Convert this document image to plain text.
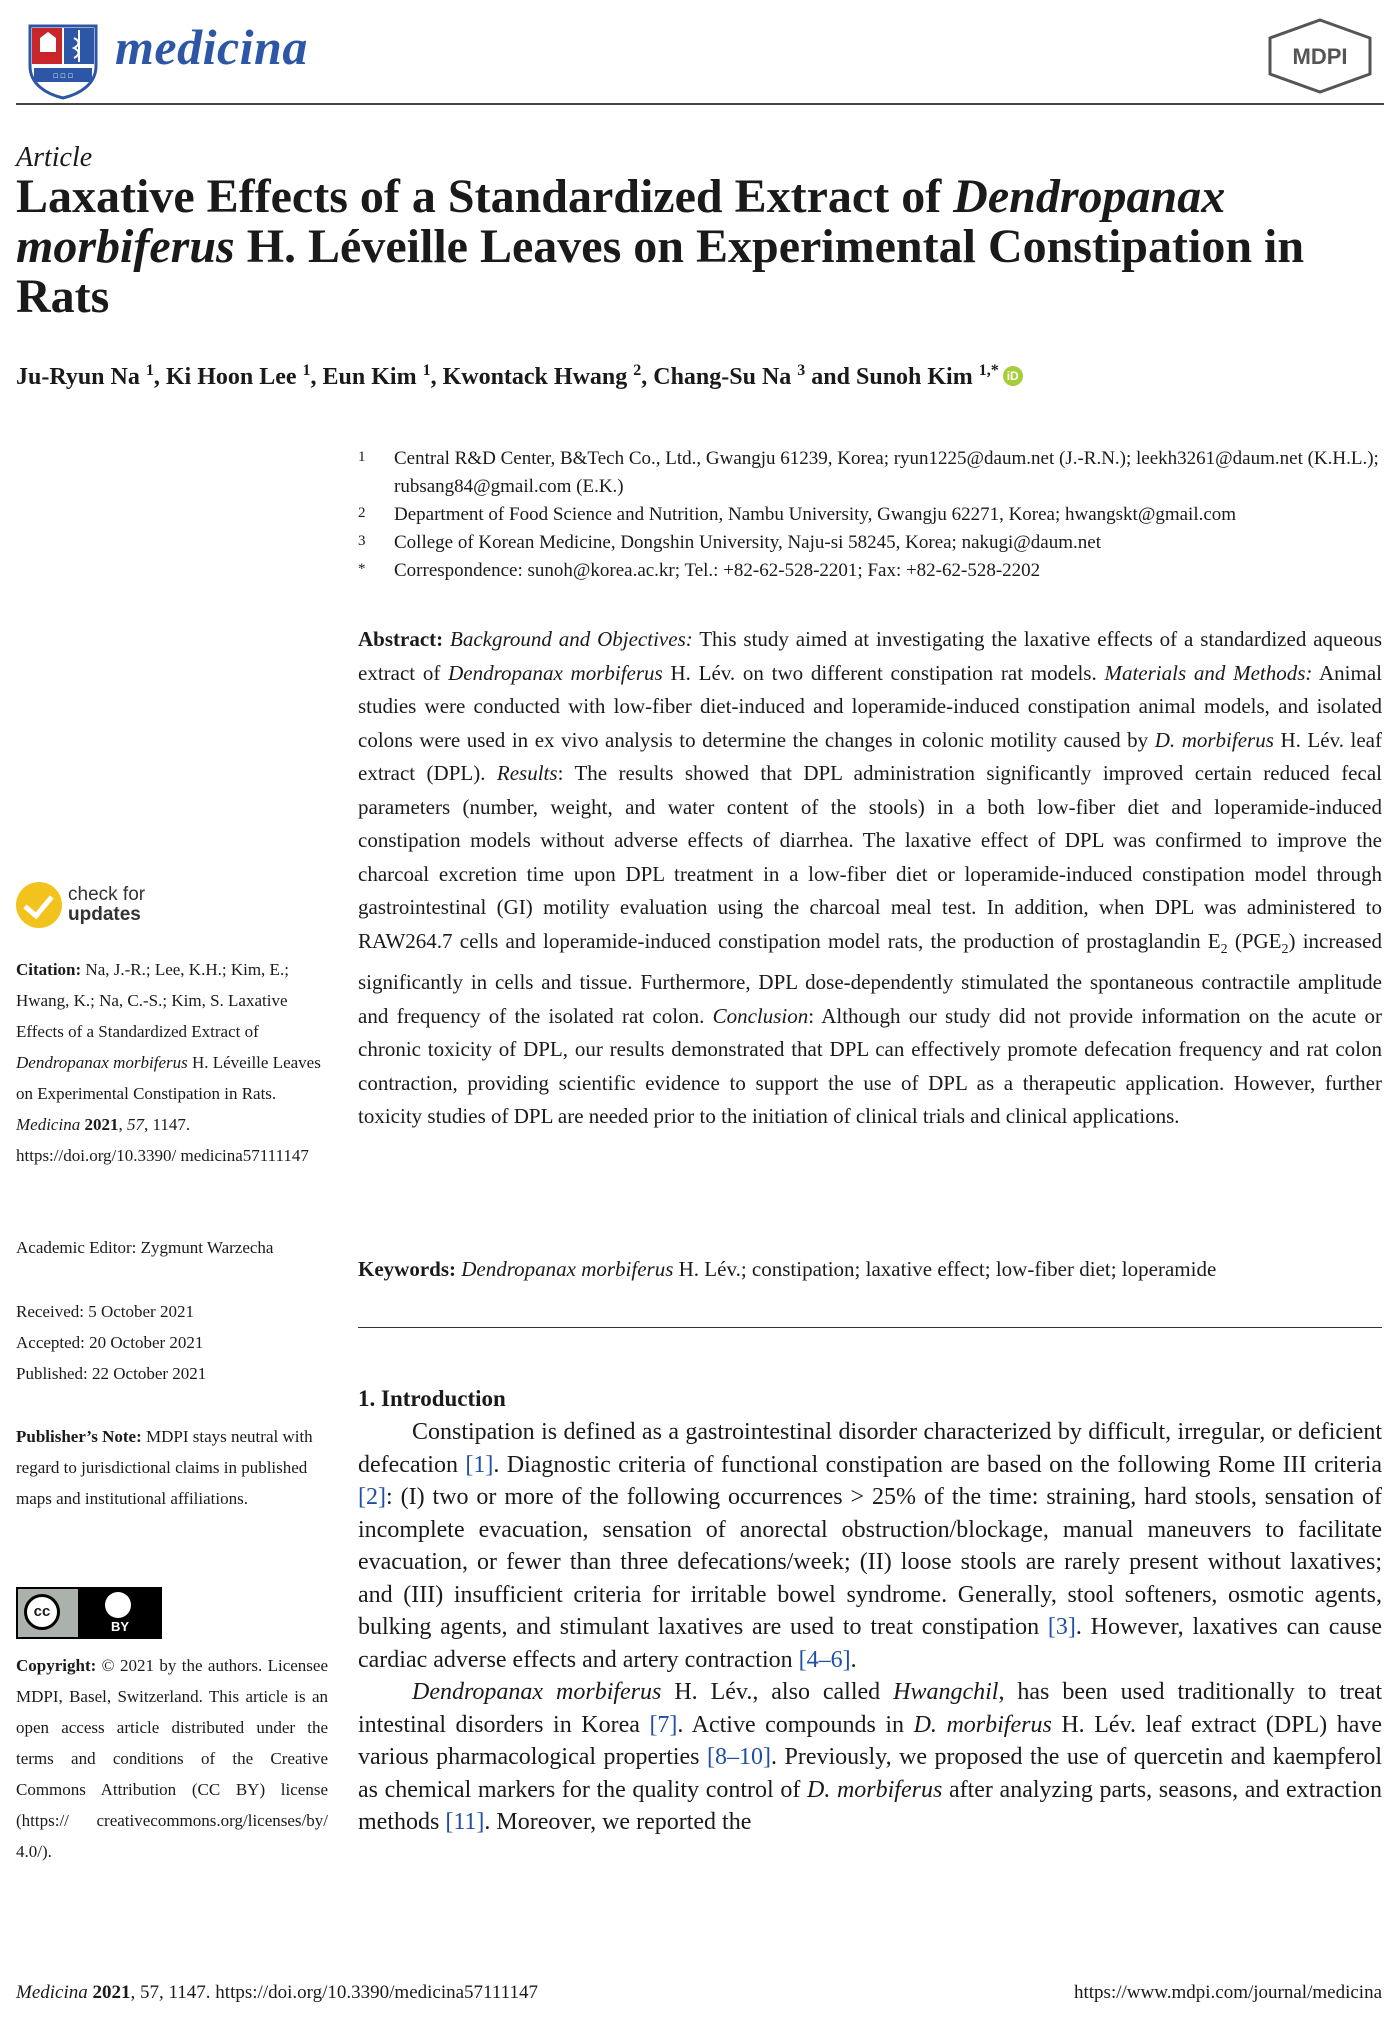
☐ ☐ ☐
medicina	MDPI
Article
Laxative Effects of a Standardized Extract of Dendropanax morbiferus H. Léveille Leaves on Experimental Constipation in Rats
Ju-Ryun Na $^1$, Ki Hoon Lee $^1$, Eun Kim $^1$, Kwontack Hwang $^2$, Chang-Su Na $^3$ and Sunoh Kim $^{1,*}$ iD
1 Central R&D Center, B&Tech Co., Ltd., Gwangju 61239, Korea; ryun1225@daum.net (J.-R.N.); leekh3261@daum.net (K.H.L.); rubsang84@gmail.com (E.K.)
2 Department of Food Science and Nutrition, Nambu University, Gwangju 62271, Korea; hwangskt@gmail.com
3 College of Korean Medicine, Dongshin University, Naju-si 58245, Korea; nakugi@daum.net
* Correspondence: sunoh@korea.ac.kr; Tel.: +82-62-528-2201; Fax: +82-62-528-2202
Abstract: Background and Objectives: This study aimed at investigating the laxative effects of a standardized aqueous extract of Dendropanax morbiferus H. Lév. on two different constipation rat models. Materials and Methods: Animal studies were conducted with low-fiber diet-induced and loperamide-induced constipation animal models, and isolated colons were used in ex vivo analysis to determine the changes in colonic motility caused by D. morbiferus H. Lév. leaf extract (DPL). Results: The results showed that DPL administration significantly improved certain reduced fecal parameters (number, weight, and water content of the stools) in a both low-fiber diet and loperamide-induced constipation models without adverse effects of diarrhea. The laxative effect of DPL was confirmed to improve the charcoal excretion time upon DPL treatment in a low-fiber diet or loperamide-induced constipation model through gastrointestinal (GI) motility evaluation using the charcoal meal test. In addition, when DPL was administered to RAW264.7 cells and loperamide-induced constipation model rats, the production of prostaglandin $E_2$ $(PGE_2)$ increased significantly in cells and tissue. Furthermore, DPL dose-dependently stimulated the spontaneous contractile amplitude and frequency of the isolated rat colon. Conclusion: Although our study did not provide information on the acute or chronic toxicity of DPL, our results demonstrated that DPL can effectively promote defecation frequency and rat colon contraction, providing scientific evidence to support the use of DPL as a therapeutic application. However, further toxicity studies of DPL are needed prior to the initiation of clinical trials and clinical applications.
Keywords: Dendropanax morbiferus H. Lév.; constipation; laxative effect; low-fiber diet; loperamide
1. Introduction

Constipation is defined as a gastrointestinal disorder characterized by difficult, irregular, or deficient defecation [1]. Diagnostic criteria of functional constipation are based on the following Rome III criteria [2]: (I) two or more of the following occurrences > 25% of the time: straining, hard stools, sensation of incomplete evacuation, sensation of anorectal obstruction/blockage, manual maneuvers to facilitate evacuation, or fewer than three defecations/week; (II) loose stools are rarely present without laxatives; and (III) insufficient criteria for irritable bowel syndrome. Generally, stool softeners, osmotic agents, bulking agents, and stimulant laxatives are used to treat constipation [3]. However, laxatives can cause cardiac adverse effects and artery contraction [4–6].

Dendropanax morbiferus H. Lév., also called Hwangchil, has been used traditionally to treat intestinal disorders in Korea [7]. Active compounds in D. morbiferus H. Lév. leaf extract (DPL) have various pharmacological properties [8–10]. Previously, we proposed the use of quercetin and kaempferol as chemical markers for the quality control of D. morbiferus after analyzing parts, seasons, and extraction methods [11]. Moreover, we reported the

check for
updates
Citation: Na, J.-R.; Lee, K.H.; Kim, E.; Hwang, K.; Na, C.-S.; Kim, S. Laxative Effects of a Standardized Extract of Dendropanax morbiferus H. Léveille Leaves on Experimental Constipation in Rats. Medicina 2021, 57, 1147. https://doi.org/10.3390/ medicina57111147
Academic Editor: Zygmunt Warzecha
Received: 5 October 2021
Accepted: 20 October 2021
Published: 22 October 2021
Publisher’s Note: MDPI stays neutral with regard to jurisdictional claims in published maps and institutional affiliations.
cc
BY
Copyright: © 2021 by the authors. Licensee MDPI, Basel, Switzerland. This article is an open access article distributed under the terms and conditions of the Creative Commons Attribution (CC BY) license (https:// creativecommons.org/licenses/by/ 4.0/).
Medicina 2021, 57, 1147. https://doi.org/10.3390/medicina57111147	https://www.mdpi.com/journal/medicina
